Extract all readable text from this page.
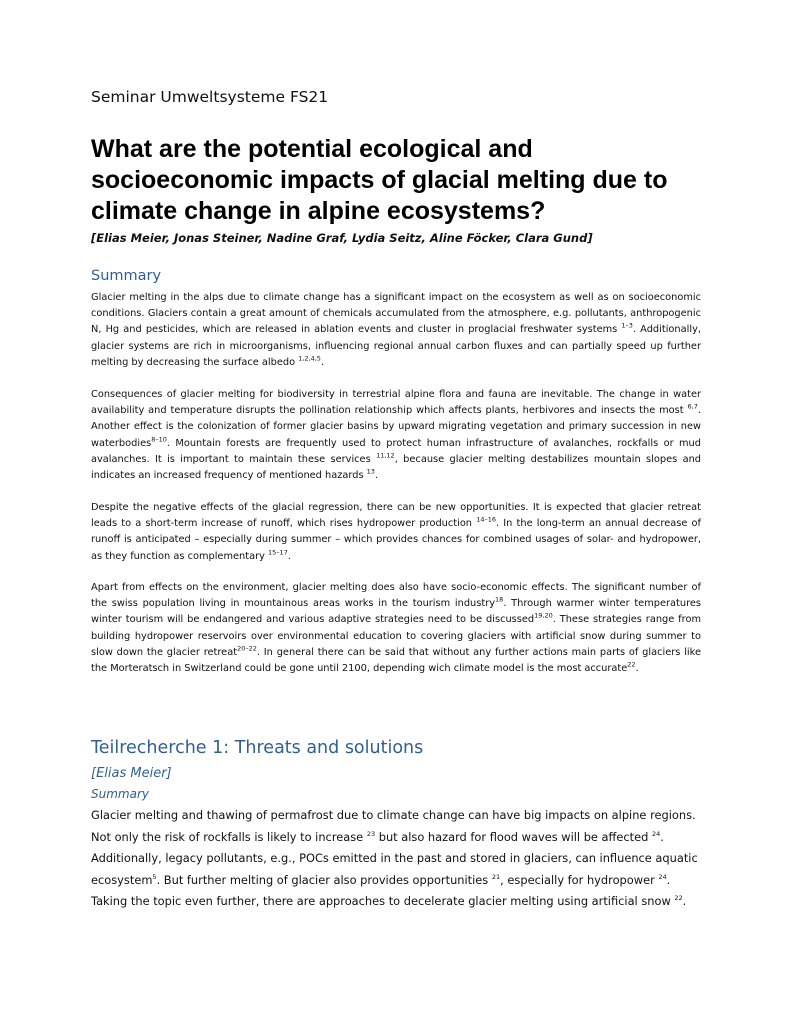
Seminar Umweltsysteme FS21
What are the potential ecological and socioeconomic impacts of glacial melting due to climate change in alpine ecosystems?
[Elias Meier, Jonas Steiner, Nadine Graf, Lydia Seitz, Aline Föcker, Clara Gund]
Summary

Glacier melting in the alps due to climate change has a significant impact on the ecosystem as well as on socioeconomic conditions. Glaciers contain a great amount of chemicals accumulated from the atmosphere, e.g. pollutants, anthropogenic N, Hg and pesticides, which are released in ablation events and cluster in proglacial freshwater systems $^{1-3}$. Additionally, glacier systems are rich in microorganisms, influencing regional annual carbon fluxes and can partially speed up further melting by decreasing the surface albedo $^{1,2,4,5}$.

Consequences of glacier melting for biodiversity in terrestrial alpine flora and fauna are inevitable. The change in water availability and temperature disrupts the pollination relationship which affects plants, herbivores and insects the most $^{6,7}$. Another effect is the colonization of former glacier basins by upward migrating vegetation and primary succession in new waterbodies$^{8-10}$. Mountain forests are frequently used to protect human infrastructure of avalanches, rockfalls or mud avalanches. It is important to maintain these services $^{11,12}$, because glacier melting destabilizes mountain slopes and indicates an increased frequency of mentioned hazards $^{13}$.

Despite the negative effects of the glacial regression, there can be new opportunities. It is expected that glacier retreat leads to a short-term increase of runoff, which rises hydropower production $^{14-16}$. In the long-term an annual decrease of runoff is anticipated – especially during summer – which provides chances for combined usages of solar- and hydropower, as they function as complementary $^{15-17}$.

Apart from effects on the environment, glacier melting does also have socio-economic effects. The significant number of the swiss population living in mountainous areas works in the tourism industry$^{18}$. Through warmer winter temperatures winter tourism will be endangered and various adaptive strategies need to be discussed$^{19,20}$. These strategies range from building hydropower reservoirs over environmental education to covering glaciers with artificial snow during summer to slow down the glacier retreat$^{20-22}$. In general there can be said that without any further actions main parts of glaciers like the Morteratsch in Switzerland could be gone until 2100, depending wich climate model is the most accurate$^{22}$.

Teilrecherche 1: Threats and solutions
[Elias Meier]
Summary
Glacier melting and thawing of permafrost due to climate change can have big impacts on alpine regions. Not only the risk of rockfalls is likely to increase $^{23}$ but also hazard for flood waves will be affected $^{24}$. Additionally, legacy pollutants, e.g., POCs emitted in the past and stored in glaciers, can influence aquatic ecosystem$^5$. But further melting of glacier also provides opportunities $^{21}$, especially for hydropower $^{24}$. Taking the topic even further, there are approaches to decelerate glacier melting using artificial snow $^{22}$.
